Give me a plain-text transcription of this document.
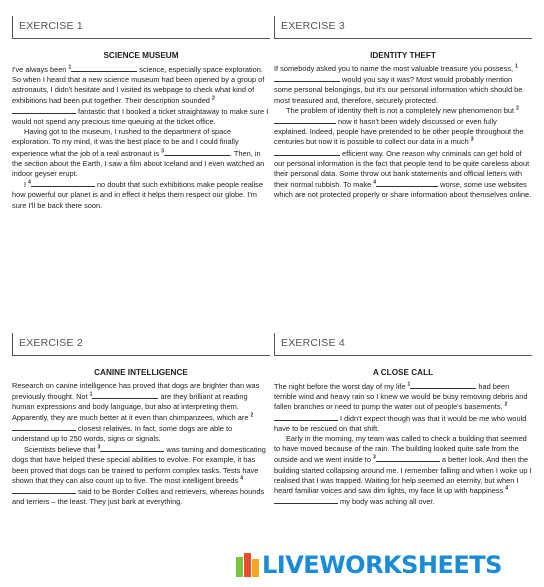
EXERCISE 1
SCIENCE MUSEUM

I've always been $^1$	science, especially space exploration. So when I heard that a new science museum had been opened by a group of astronauts, I didn't hesitate and I visited its webpage to check what kind of exhibitions had been put together. Their description sounded $^2$ fantastic that I booked a ticket straightaway to make sure I would not spend any precious time queuing at the ticket office.

Having got to the museum, I rushed to the department of space exploration. To my mind, it was the best place to be and I could finally experience what the job of a real astronaut is $^3$	. Then, in the section about the Earth, I saw a film about Iceland and I even watched an indoor geyser erupt.

I $^4$	no doubt that such exhibitions make people realise how powerful our planet is and in effect it helps them respect our globe. I'm sure I'll be back there soon.

EXERCISE 3
IDENTITY THEFT

If somebody asked you to name the most valuable treasure you possess, $^1$ would you say it was? Most would probably mention some personal belongings, but it's our personal information which should be most treasured and, therefore, securely protected.

The problem of identity theft is not a completely new phenomenon but $^2$ now it hasn't been widely discussed or even fully explained. Indeed, people have pretended to be other people throughout the centuries but now it is possible to collect our data in a much $^3$ efficient way. One reason why criminals can get hold of our personal information is the fact that people tend to be quite careless about their personal data. Some throw out bank statements and official letters with their normal rubbish. To make $^4$	worse, some use websites which are not protected properly or share information about themselves online.

EXERCISE 2
CANINE INTELLIGENCE

Research on canine intelligence has proved that dogs are brighter than was previously thought. Not $^1$	are they brilliant at reading human expressions and body language, but also at interpreting them. Apparently, they are much better at it even than chimpanzees, which are $^2$ closest relatives. In fact, some dogs are able to understand up to 250 words, signs or signals.

Scientists believe that $^3$	was taming and domesticating dogs that have helped these special abilities to evolve. For example, it has been proved that dogs can be trained to perform complex tasks. Tests have shown that they can also count up to five. The most intelligent breeds $^4$ said to be Border Collies and retrievers, whereas hounds and terriers – the least. They just bark at everything.

EXERCISE 4
A CLOSE CALL

The night before the worst day of my life $^1$	had been terrible wind and heavy rain so I knew we would be busy removing debris and fallen branches or need to pump the water out of people's basements. $^2$ I didn't expect though was that it would be me who would have to be rescued on that shift.

Early in the morning, my team was called to check a building that seemed to have moved because of the rain. The building looked quite safe from the outside and we went inside to $^3$	a better look. And then the building started collapsing around me. I remember falling and when I woke up I realised that I was trapped. Waiting for help seemed an eternity, but when I heard familiar voices and saw dim lights, my face lit up with happiness $^4$ my body was aching all over.

LIVEWORKSHEETS
